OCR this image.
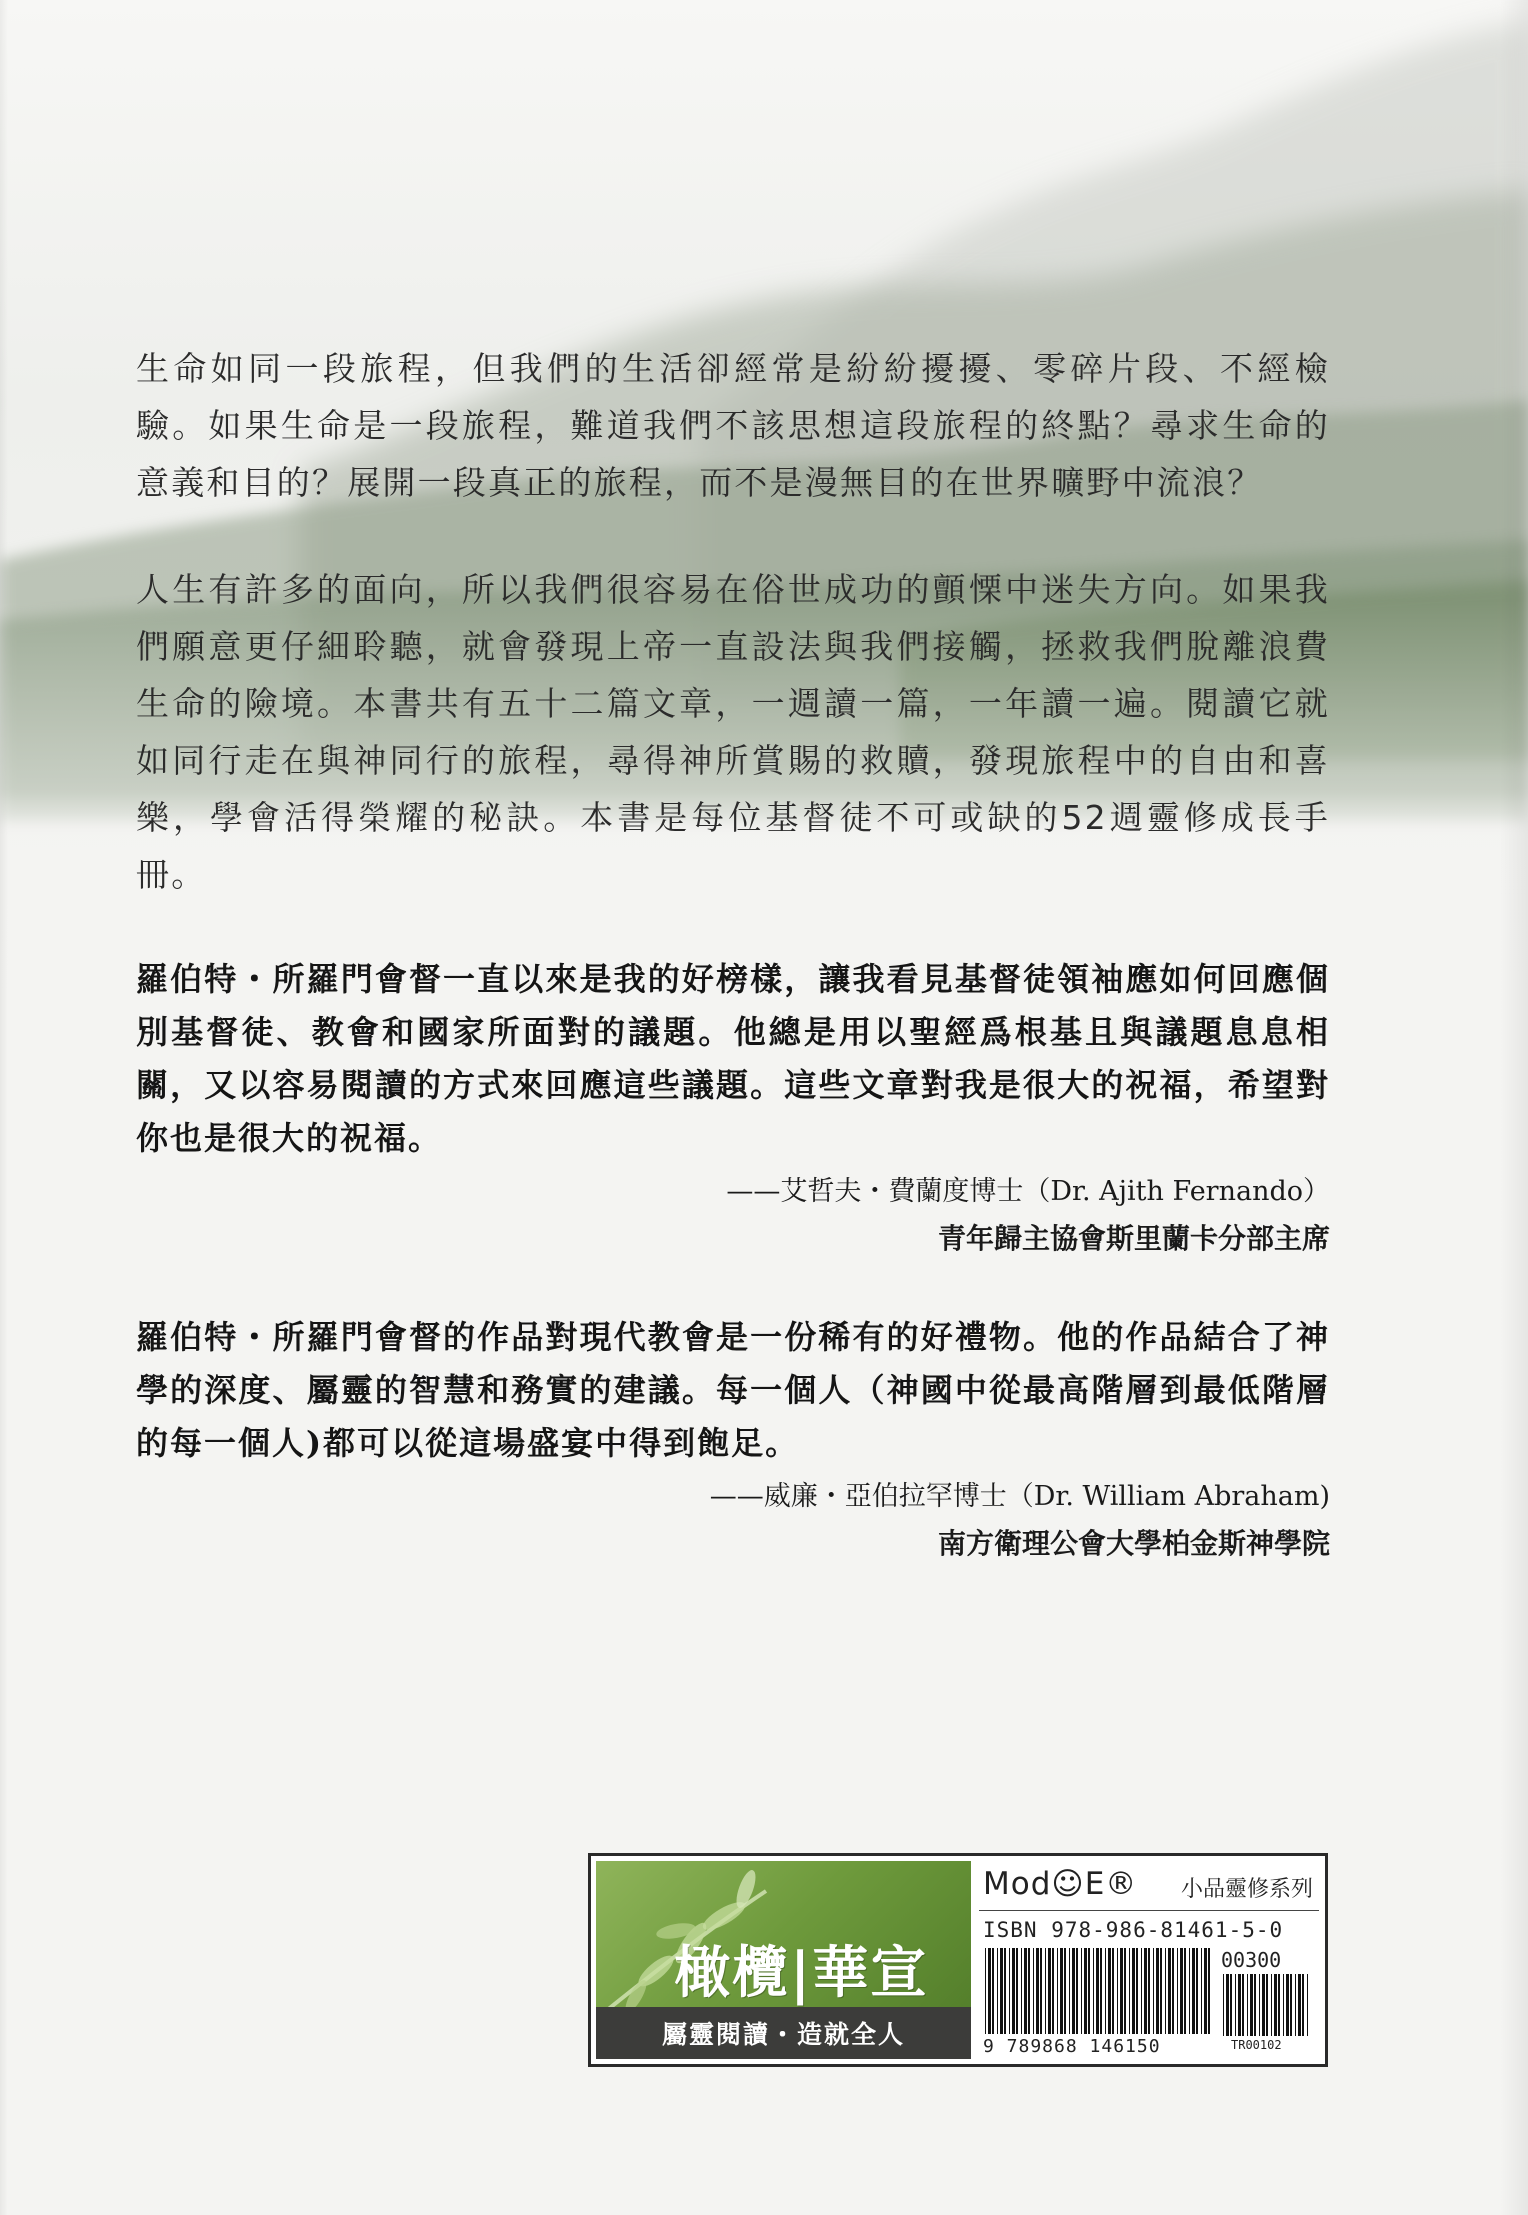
生命如同一段旅程，但我們的生活卻經常是紛紛擾擾、零碎片段、不經檢驗。如果生命是一段旅程，難道我們不該思想這段旅程的終點？尋求生命的意義和目的？展開一段真正的旅程，而不是漫無目的在世界曠野中流浪？

人生有許多的面向，所以我們很容易在俗世成功的顫慄中迷失方向。如果我們願意更仔細聆聽，就會發現上帝一直設法與我們接觸，拯救我們脫離浪費生命的險境。本書共有五十二篇文章，一週讀一篇，一年讀一遍。閱讀它就如同行走在與神同行的旅程，尋得神所賞賜的救贖，發現旅程中的自由和喜樂，學會活得榮耀的秘訣。本書是每位基督徒不可或缺的52週靈修成長手冊。

羅伯特・所羅門會督一直以來是我的好榜樣，讓我看見基督徒領袖應如何回應個別基督徒、教會和國家所面對的議題。他總是用以聖經爲根基且與議題息息相關，又以容易閱讀的方式來回應這些議題。這些文章對我是很大的祝福，希望對你也是很大的祝福。

——艾哲夫・費蘭度博士（Dr. Ajith Fernando）

青年歸主協會斯里蘭卡分部主席

羅伯特・所羅門會督的作品對現代教會是一份稀有的好禮物。他的作品結合了神學的深度、屬靈的智慧和務實的建議。每一個人（神國中從最高階層到最低階層的每一個人)都可以從這場盛宴中得到飽足。

——威廉・亞伯拉罕博士（Dr. William Abraham)

南方衛理公會大學柏金斯神學院

橄欖|華宣
屬靈閱讀・造就全人
Mod☺E® 小品靈修系列
ISBN 978-986-81461-5-0
9 789868 146150
00300
TR00102
